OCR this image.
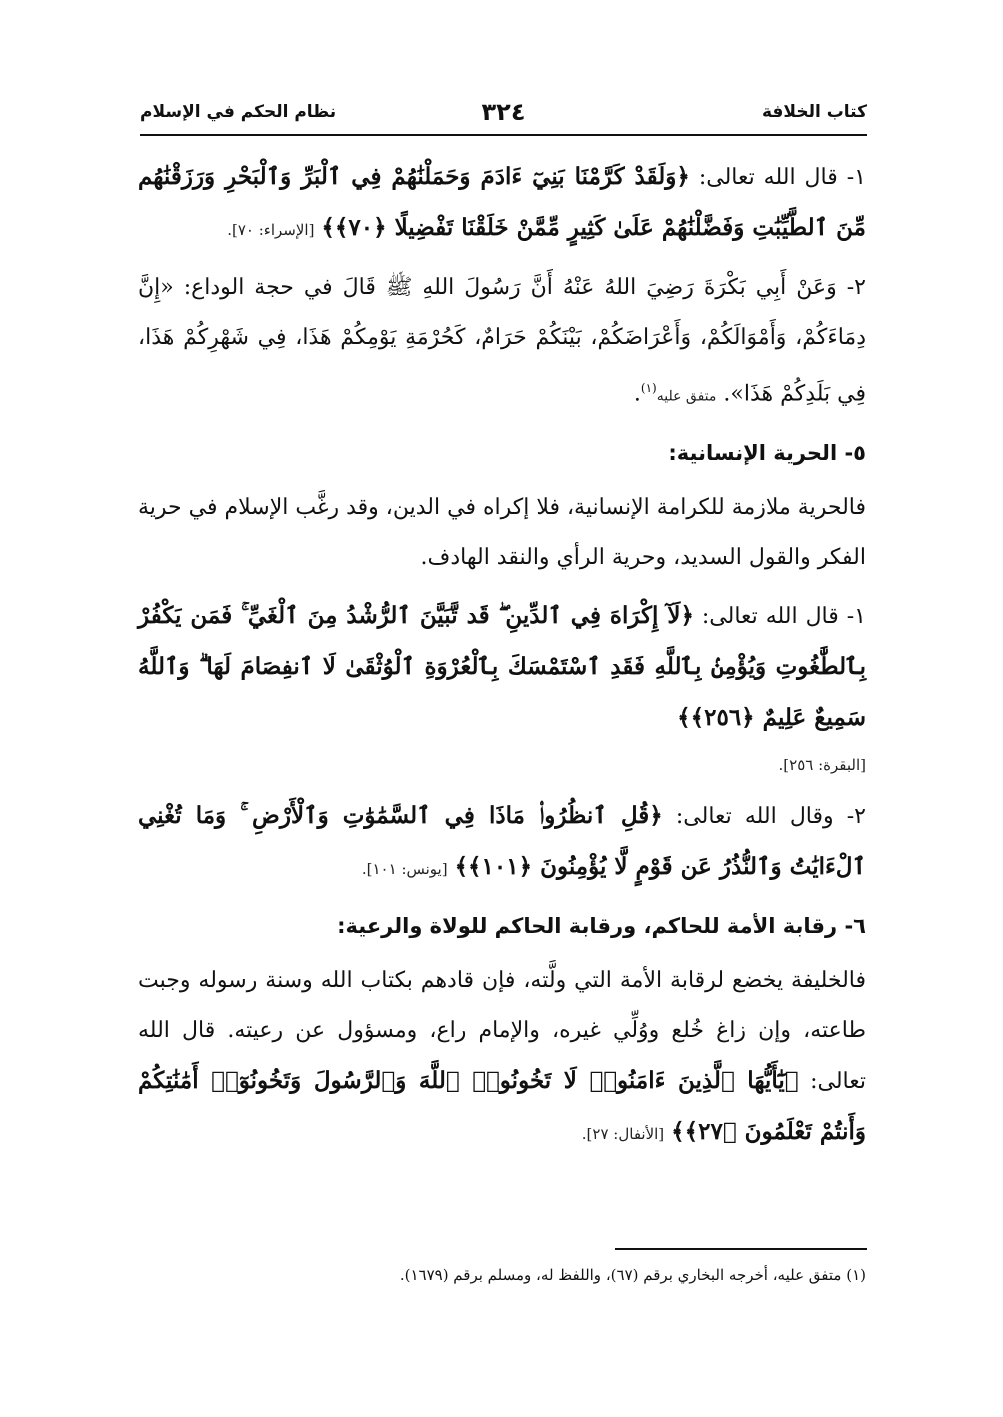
كتاب الخلافة
٣٢٤
نظام الحكم في الإسلام

١- قال الله تعالى: ﴿وَلَقَدْ كَرَّمْنَا بَنِيٓ ءَادَمَ وَحَمَلْنَٰهُمْ فِي ٱلْبَرِّ وَٱلْبَحْرِ وَرَزَقْنَٰهُم مِّنَ ٱلطَّيِّبَٰتِ وَفَضَّلْنَٰهُمْ عَلَىٰ كَثِيرٍ مِّمَّنْ خَلَقْنَا تَفْضِيلًا ﴿٧٠﴾﴾ [الإسراء: ٧٠].

٢- وَعَنْ أَبِي بَكْرَةَ رَضِيَ اللهُ عَنْهُ أَنَّ رَسُولَ اللهِ ﷺ قَالَ في حجة الوداع: «إِنَّ دِمَاءَكُمْ، وَأَمْوَالَكُمْ، وَأَعْرَاضَكُمْ، بَيْنَكُمْ حَرَامٌ، كَحُرْمَةِ يَوْمِكُمْ هَذَا، فِي شَهْرِكُمْ هَذَا، فِي بَلَدِكُمْ هَذَا». متفق عليه$^{(١)}$.

٥- الحرية الإنسانية:

فالحرية ملازمة للكرامة الإنسانية، فلا إكراه في الدين، وقد رغَّب الإسلام في حرية الفكر والقول السديد، وحرية الرأي والنقد الهادف.

١- قال الله تعالى: ﴿لَآ إِكْرَاهَ فِي ٱلدِّينِ ۖ قَد تَّبَيَّنَ ٱلرُّشْدُ مِنَ ٱلْغَيِّ ۚ فَمَن يَكْفُرْ بِٱلطَّٰغُوتِ وَيُؤْمِنۢ بِٱللَّهِ فَقَدِ ٱسْتَمْسَكَ بِٱلْعُرْوَةِ ٱلْوُثْقَىٰ لَا ٱنفِصَامَ لَهَا ۗ وَٱللَّهُ سَمِيعٌ عَلِيمٌ ﴿٢٥٦﴾﴾

[البقرة: ٢٥٦].

٢- وقال الله تعالى: ﴿قُلِ ٱنظُرُوا۟ مَاذَا فِي ٱلسَّمَٰوَٰتِ وَٱلْأَرْضِ ۚ وَمَا تُغْنِي ٱلْءَايَٰتُ وَٱلنُّذُرُ عَن قَوْمٍ لَّا يُؤْمِنُونَ ﴿١٠١﴾﴾ [يونس: ١٠١].

٦- رقابة الأمة للحاكم، ورقابة الحاكم للولاة والرعية:

فالخليفة يخضع لرقابة الأمة التي ولَّته، فإن قادهم بكتاب الله وسنة رسوله وجبت طاعته، وإن زاغ خُلع ووُلِّي غيره، والإمام راع، ومسؤول عن رعيته. قال الله تعالى: ﴿يَٰٓأَيُّهَا ٱلَّذِينَ ءَامَنُوا۟ لَا تَخُونُوا۟ ٱللَّهَ وَٱلرَّسُولَ وَتَخُونُوٓا۟ أَمَٰنَٰتِكُمْ وَأَنتُمْ تَعْلَمُونَ ﴿٢٧﴾﴾ [الأنفال: ٢٧].

(١) متفق عليه، أخرجه البخاري برقم (٦٧)، واللفظ له، ومسلم برقم (١٦٧٩).
